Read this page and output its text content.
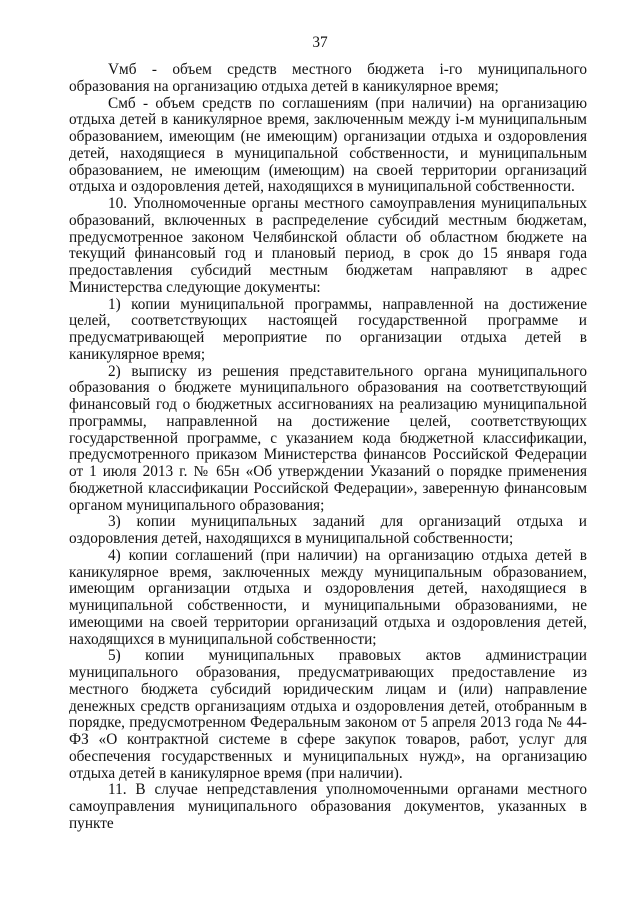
37

Vмб - объем средств местного бюджета i-го муниципального образования на организацию отдыха детей в каникулярное время;

Смб - объем средств по соглашениям (при наличии) на организацию отдыха детей в каникулярное время, заключенным между i-м муниципальным образованием, имеющим (не имеющим) организации отдыха и оздоровления детей, находящиеся в муниципальной собственности, и муниципальным образованием, не имеющим (имеющим) на своей территории организаций отдыха и оздоровления детей, находящихся в муниципальной собственности.

10. Уполномоченные органы местного самоуправления муниципальных образований, включенных в распределение субсидий местным бюджетам, предусмотренное законом Челябинской области об областном бюджете на текущий финансовый год и плановый период, в срок до 15 января года предоставления субсидий местным бюджетам направляют в адрес Министерства следующие документы:

1) копии муниципальной программы, направленной на достижение целей, соответствующих настоящей государственной программе и предусматривающей мероприятие по организации отдыха детей в каникулярное время;

2) выписку из решения представительного органа муниципального образования о бюджете муниципального образования на соответствующий финансовый год о бюджетных ассигнованиях на реализацию муниципальной программы, направленной на достижение целей, соответствующих государственной программе, с указанием кода бюджетной классификации, предусмотренного приказом Министерства финансов Российской Федерации от 1 июля 2013 г. № 65н «Об утверждении Указаний о порядке применения бюджетной классификации Российской Федерации», заверенную финансовым органом муниципального образования;

3) копии муниципальных заданий для организаций отдыха и оздоровления детей, находящихся в муниципальной собственности;

4) копии соглашений (при наличии) на организацию отдыха детей в каникулярное время, заключенных между муниципальным образованием, имеющим организации отдыха и оздоровления детей, находящиеся в муниципальной собственности, и муниципальными образованиями, не имеющими на своей территории организаций отдыха и оздоровления детей, находящихся в муниципальной собственности;

5) копии муниципальных правовых актов администрации муниципального образования, предусматривающих предоставление из местного бюджета субсидий юридическим лицам и (или) направление денежных средств организациям отдыха и оздоровления детей, отобранным в порядке, предусмотренном Федеральным законом от 5 апреля 2013 года № 44-ФЗ «О контрактной системе в сфере закупок товаров, работ, услуг для обеспечения государственных и муниципальных нужд», на организацию отдыха детей в каникулярное время (при наличии).

11. В случае непредставления уполномоченными органами местного самоуправления муниципального образования документов, указанных в пункте
